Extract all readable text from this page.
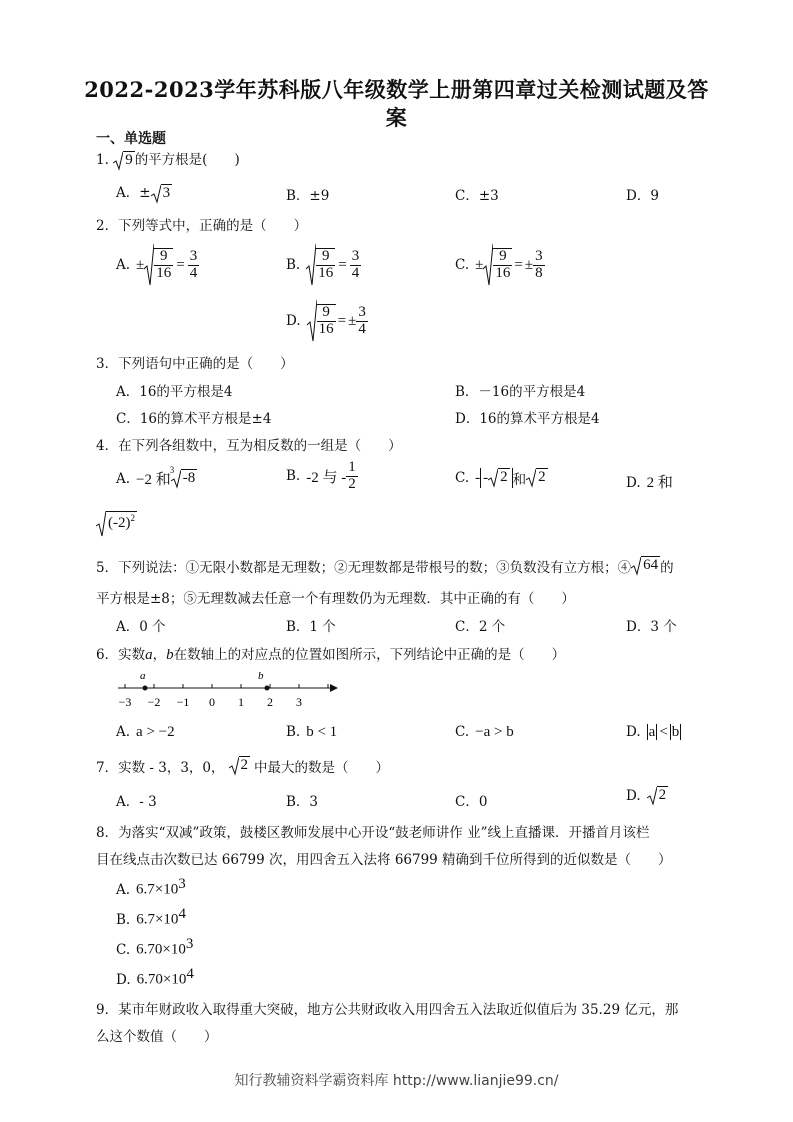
2022-2023学年苏科版八年级数学上册第四章过关检测试题及答
案
一、单选题
1. 9 的平方根是(　　)
A．± 3	B．±9	C．±3	D．9
2．下列等式中，正确的是（　　）
A. ± $\frac{9}{16} = \frac{3}{4}$	B. $\frac{9}{16} = \frac{3}{4}$	C. ± $\frac{9}{16}$ = ± $\frac{3}{8}$
D. $\frac{9}{16}$ = ± $\frac{3}{4}$
3．下列语句中正确的是（　　）
A．16的平方根是4	B．－16的平方根是4
C．16的算术平方根是±4	D．16的算术平方根是4
4．在下列各组数中，互为相反数的一组是（　　）
A. −2 和
3
-8	B. -2 与 - $\frac{1}{2}$	C. - - 2 和 2	D. 2 和
$(-2)^2$
5．下列说法：①无限小数都是无理数；②无理数都是带根号的数；③负数没有立方根；④ 64 的
平方根是±8；⑤无理数减去任意一个有理数仍为无理数．其中正确的有（　　）
A．0 个	B．1 个	C．2 个	D．3 个
6．实数a，b在数轴上的对应点的位置如图所示，下列结论中正确的是（　　）
−3 −2 −1 0 1 2 3
a	b
A. a > −2	B. b < 1	C. −a > b	D. a < b
7．实数 - 3，3，0，	2 中最大的数是（　　）
A．- 3	B．3	C．0	D.	2
8．为落实“双减”政策，鼓楼区教师发展中心开设“鼓老师讲作 业”线上直播课．开播首月该栏
目在线点击次数已达 66799 次，用四舍五入法将 66799 精确到千位所得到的近似数是（　　）
A. $6.7\times 10^3$
B. $6.7\times 10^4$
C. $6.70\times 10^3$
D. $6.70\times 10^4$
9．某市年财政收入取得重大突破，地方公共财政收入用四舍五入法取近似值后为 35.29 亿元，那
么这个数值（　　）
知行教辅资料学霸资料库 http://www.lianjie99.cn/
